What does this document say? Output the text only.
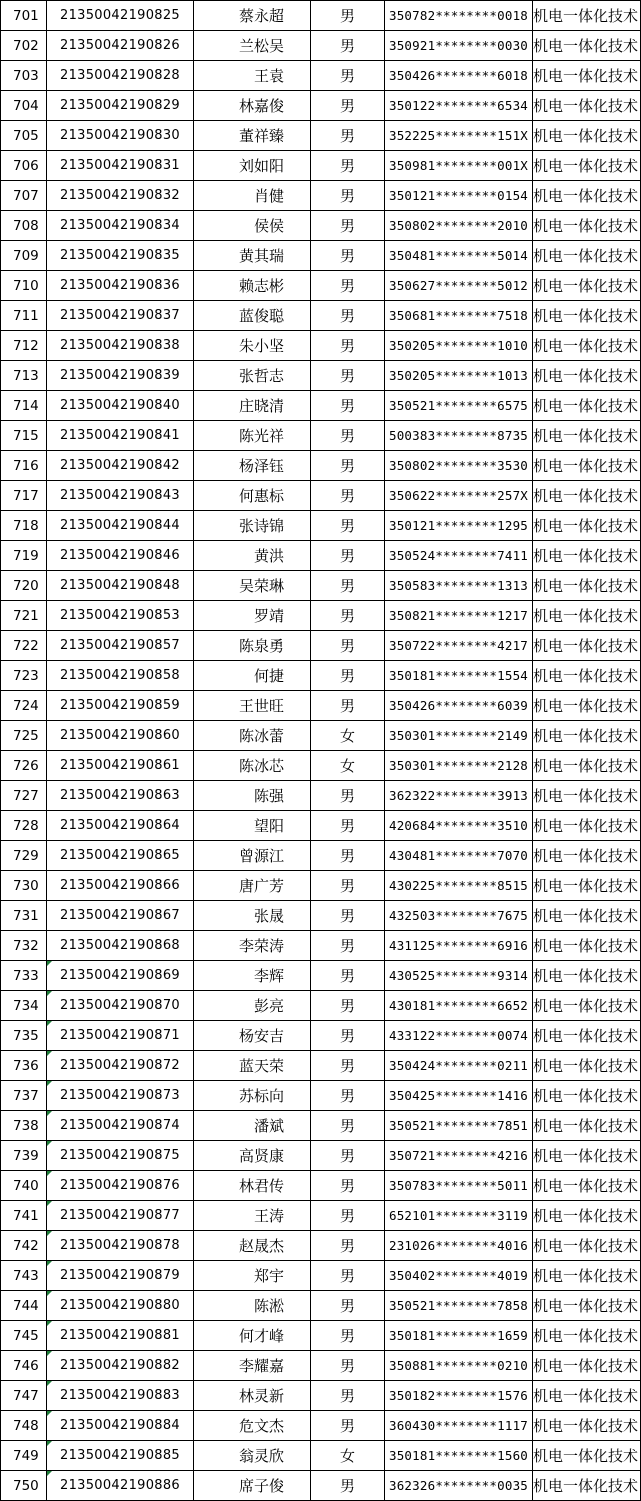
701	21350042190825	蔡永超	男	350782********0018	机电一体化技术
702	21350042190826	兰松吴	男	350921********0030	机电一体化技术
703	21350042190828	王袁	男	350426********6018	机电一体化技术
704	21350042190829	林嘉俊	男	350122********6534	机电一体化技术
705	21350042190830	董祥臻	男	352225********151X	机电一体化技术
706	21350042190831	刘如阳	男	350981********001X	机电一体化技术
707	21350042190832	肖健	男	350121********0154	机电一体化技术
708	21350042190834	侯侯	男	350802********2010	机电一体化技术
709	21350042190835	黄其瑞	男	350481********5014	机电一体化技术
710	21350042190836	赖志彬	男	350627********5012	机电一体化技术
711	21350042190837	蓝俊聪	男	350681********7518	机电一体化技术
712	21350042190838	朱小坚	男	350205********1010	机电一体化技术
713	21350042190839	张哲志	男	350205********1013	机电一体化技术
714	21350042190840	庄晓清	男	350521********6575	机电一体化技术
715	21350042190841	陈光祥	男	500383********8735	机电一体化技术
716	21350042190842	杨泽钰	男	350802********3530	机电一体化技术
717	21350042190843	何惠标	男	350622********257X	机电一体化技术
718	21350042190844	张诗锦	男	350121********1295	机电一体化技术
719	21350042190846	黄洪	男	350524********7411	机电一体化技术
720	21350042190848	吴荣琳	男	350583********1313	机电一体化技术
721	21350042190853	罗靖	男	350821********1217	机电一体化技术
722	21350042190857	陈泉勇	男	350722********4217	机电一体化技术
723	21350042190858	何捷	男	350181********1554	机电一体化技术
724	21350042190859	王世旺	男	350426********6039	机电一体化技术
725	21350042190860	陈冰蕾	女	350301********2149	机电一体化技术
726	21350042190861	陈冰芯	女	350301********2128	机电一体化技术
727	21350042190863	陈强	男	362322********3913	机电一体化技术
728	21350042190864	望阳	男	420684********3510	机电一体化技术
729	21350042190865	曾源江	男	430481********7070	机电一体化技术
730	21350042190866	唐广芳	男	430225********8515	机电一体化技术
731	21350042190867	张晟	男	432503********7675	机电一体化技术
732	21350042190868	李荣涛	男	431125********6916	机电一体化技术
733	21350042190869	李辉	男	430525********9314	机电一体化技术
734	21350042190870	彭亮	男	430181********6652	机电一体化技术
735	21350042190871	杨安吉	男	433122********0074	机电一体化技术
736	21350042190872	蓝天荣	男	350424********0211	机电一体化技术
737	21350042190873	苏标向	男	350425********1416	机电一体化技术
738	21350042190874	潘斌	男	350521********7851	机电一体化技术
739	21350042190875	高贤康	男	350721********4216	机电一体化技术
740	21350042190876	林君传	男	350783********5011	机电一体化技术
741	21350042190877	王涛	男	652101********3119	机电一体化技术
742	21350042190878	赵晟杰	男	231026********4016	机电一体化技术
743	21350042190879	郑宇	男	350402********4019	机电一体化技术
744	21350042190880	陈淞	男	350521********7858	机电一体化技术
745	21350042190881	何才峰	男	350181********1659	机电一体化技术
746	21350042190882	李耀嘉	男	350881********0210	机电一体化技术
747	21350042190883	林灵新	男	350182********1576	机电一体化技术
748	21350042190884	危文杰	男	360430********1117	机电一体化技术
749	21350042190885	翁灵欣	女	350181********1560	机电一体化技术
750	21350042190886	席子俊	男	362326********0035	机电一体化技术
